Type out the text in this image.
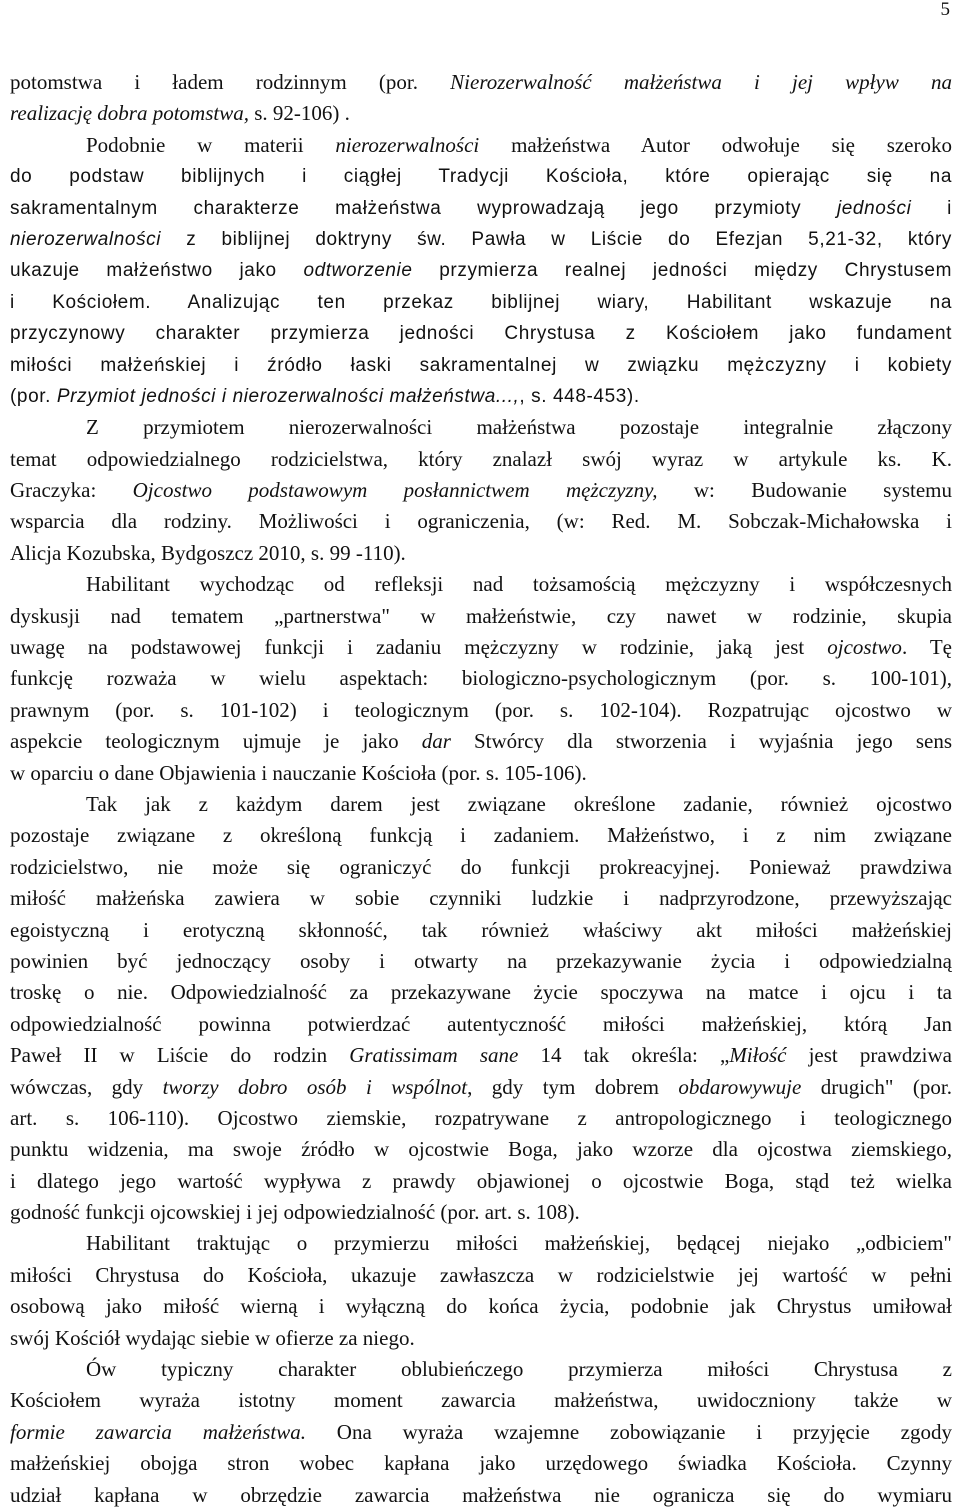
5
potomstwa i ładem rodzinnym (por. Nierozerwalność małżeństwa i jej wpływ na
realizację dobra potomstwa, s. 92-106) .
Podobnie w materii nierozerwalności małżeństwa Autor odwołuje się szeroko
do podstaw biblijnych i ciągłej Tradycji Kościoła, które opierając się na
sakramentalnym charakterze małżeństwa wyprowadzają jego przymioty jedności i
nierozerwalności z biblijnej doktryny św. Pawła w Liście do Efezjan 5,21-32, który
ukazuje małżeństwo jako odtworzenie przymierza realnej jedności między Chrystusem
i Kościołem. Analizując ten przekaz biblijnej wiary, Habilitant wskazuje na
przyczynowy charakter przymierza jedności Chrystusa z Kościołem jako fundament
miłości małżeńskiej i źródło łaski sakramentalnej w związku mężczyzny i kobiety
(por. Przymiot jedności i nierozerwalności małżeństwa...,, s. 448-453).
Z przymiotem nierozerwalności małżeństwa pozostaje integralnie złączony
temat odpowiedzialnego rodzicielstwa, który znalazł swój wyraz w artykule ks. K.
Graczyka: Ojcostwo podstawowym posłannictwem mężczyzny, w: Budowanie systemu
wsparcia dla rodziny. Możliwości i ograniczenia, (w: Red. M. Sobczak-Michałowska i
Alicja Kozubska, Bydgoszcz 2010, s. 99 -110).
Habilitant wychodząc od refleksji nad tożsamością mężczyzny i współczesnych
dyskusji nad tematem „partnerstwa" w małżeństwie, czy nawet w rodzinie, skupia
uwagę na podstawowej funkcji i zadaniu mężczyzny w rodzinie, jaką jest ojcostwo. Tę
funkcję rozważa w wielu aspektach: biologiczno-psychologicznym (por. s. 100-101),
prawnym (por. s. 101-102) i teologicznym (por. s. 102-104). Rozpatrując ojcostwo w
aspekcie teologicznym ujmuje je jako dar Stwórcy dla stworzenia i wyjaśnia jego sens
w oparciu o dane Objawienia i nauczanie Kościoła (por. s. 105-106).
Tak jak z każdym darem jest związane określone zadanie, również ojcostwo
pozostaje związane z określoną funkcją i zadaniem. Małżeństwo, i z nim związane
rodzicielstwo, nie może się ograniczyć do funkcji prokreacyjnej. Ponieważ prawdziwa
miłość małżeńska zawiera w sobie czynniki ludzkie i nadprzyrodzone, przewyższając
egoistyczną i erotyczną skłonność, tak również właściwy akt miłości małżeńskiej
powinien być jednoczący osoby i otwarty na przekazywanie życia i odpowiedzialną
troskę o nie. Odpowiedzialność za przekazywane życie spoczywa na matce i ojcu i ta
odpowiedzialność powinna potwierdzać autentyczność miłości małżeńskiej, którą Jan
Paweł II w Liście do rodzin Gratissimam sane 14 tak określa: „Miłość jest prawdziwa
wówczas, gdy tworzy dobro osób i wspólnot, gdy tym dobrem obdarowywuje drugich" (por.
art. s. 106-110). Ojcostwo ziemskie, rozpatrywane z antropologicznego i teologicznego
punktu widzenia, ma swoje źródło w ojcostwie Boga, jako wzorze dla ojcostwa ziemskiego,
i dlatego jego wartość wypływa z prawdy objawionej o ojcostwie Boga, stąd też wielka
godność funkcji ojcowskiej i jej odpowiedzialność (por. art. s. 108).
Habilitant traktując o przymierzu miłości małżeńskiej, będącej niejako „odbiciem"
miłości Chrystusa do Kościoła, ukazuje zawłaszcza w rodzicielstwie jej wartość w pełni
osobową jako miłość wierną i wyłączną do końca życia, podobnie jak Chrystus umiłował
swój Kościół wydając siebie w ofierze za niego.
Ów typiczny charakter oblubieńczego przymierza miłości Chrystusa z
Kościołem wyraża istotny moment zawarcia małżeństwa, uwidoczniony także w
formie zawarcia małżeństwa. Ona wyraża wzajemne zobowiązanie i przyjęcie zgody
małżeńskiej obojga stron wobec kapłana jako urzędowego świadka Kościoła. Czynny
udział kapłana w obrzędzie zawarcia małżeństwa nie ogranicza się do wymiaru
